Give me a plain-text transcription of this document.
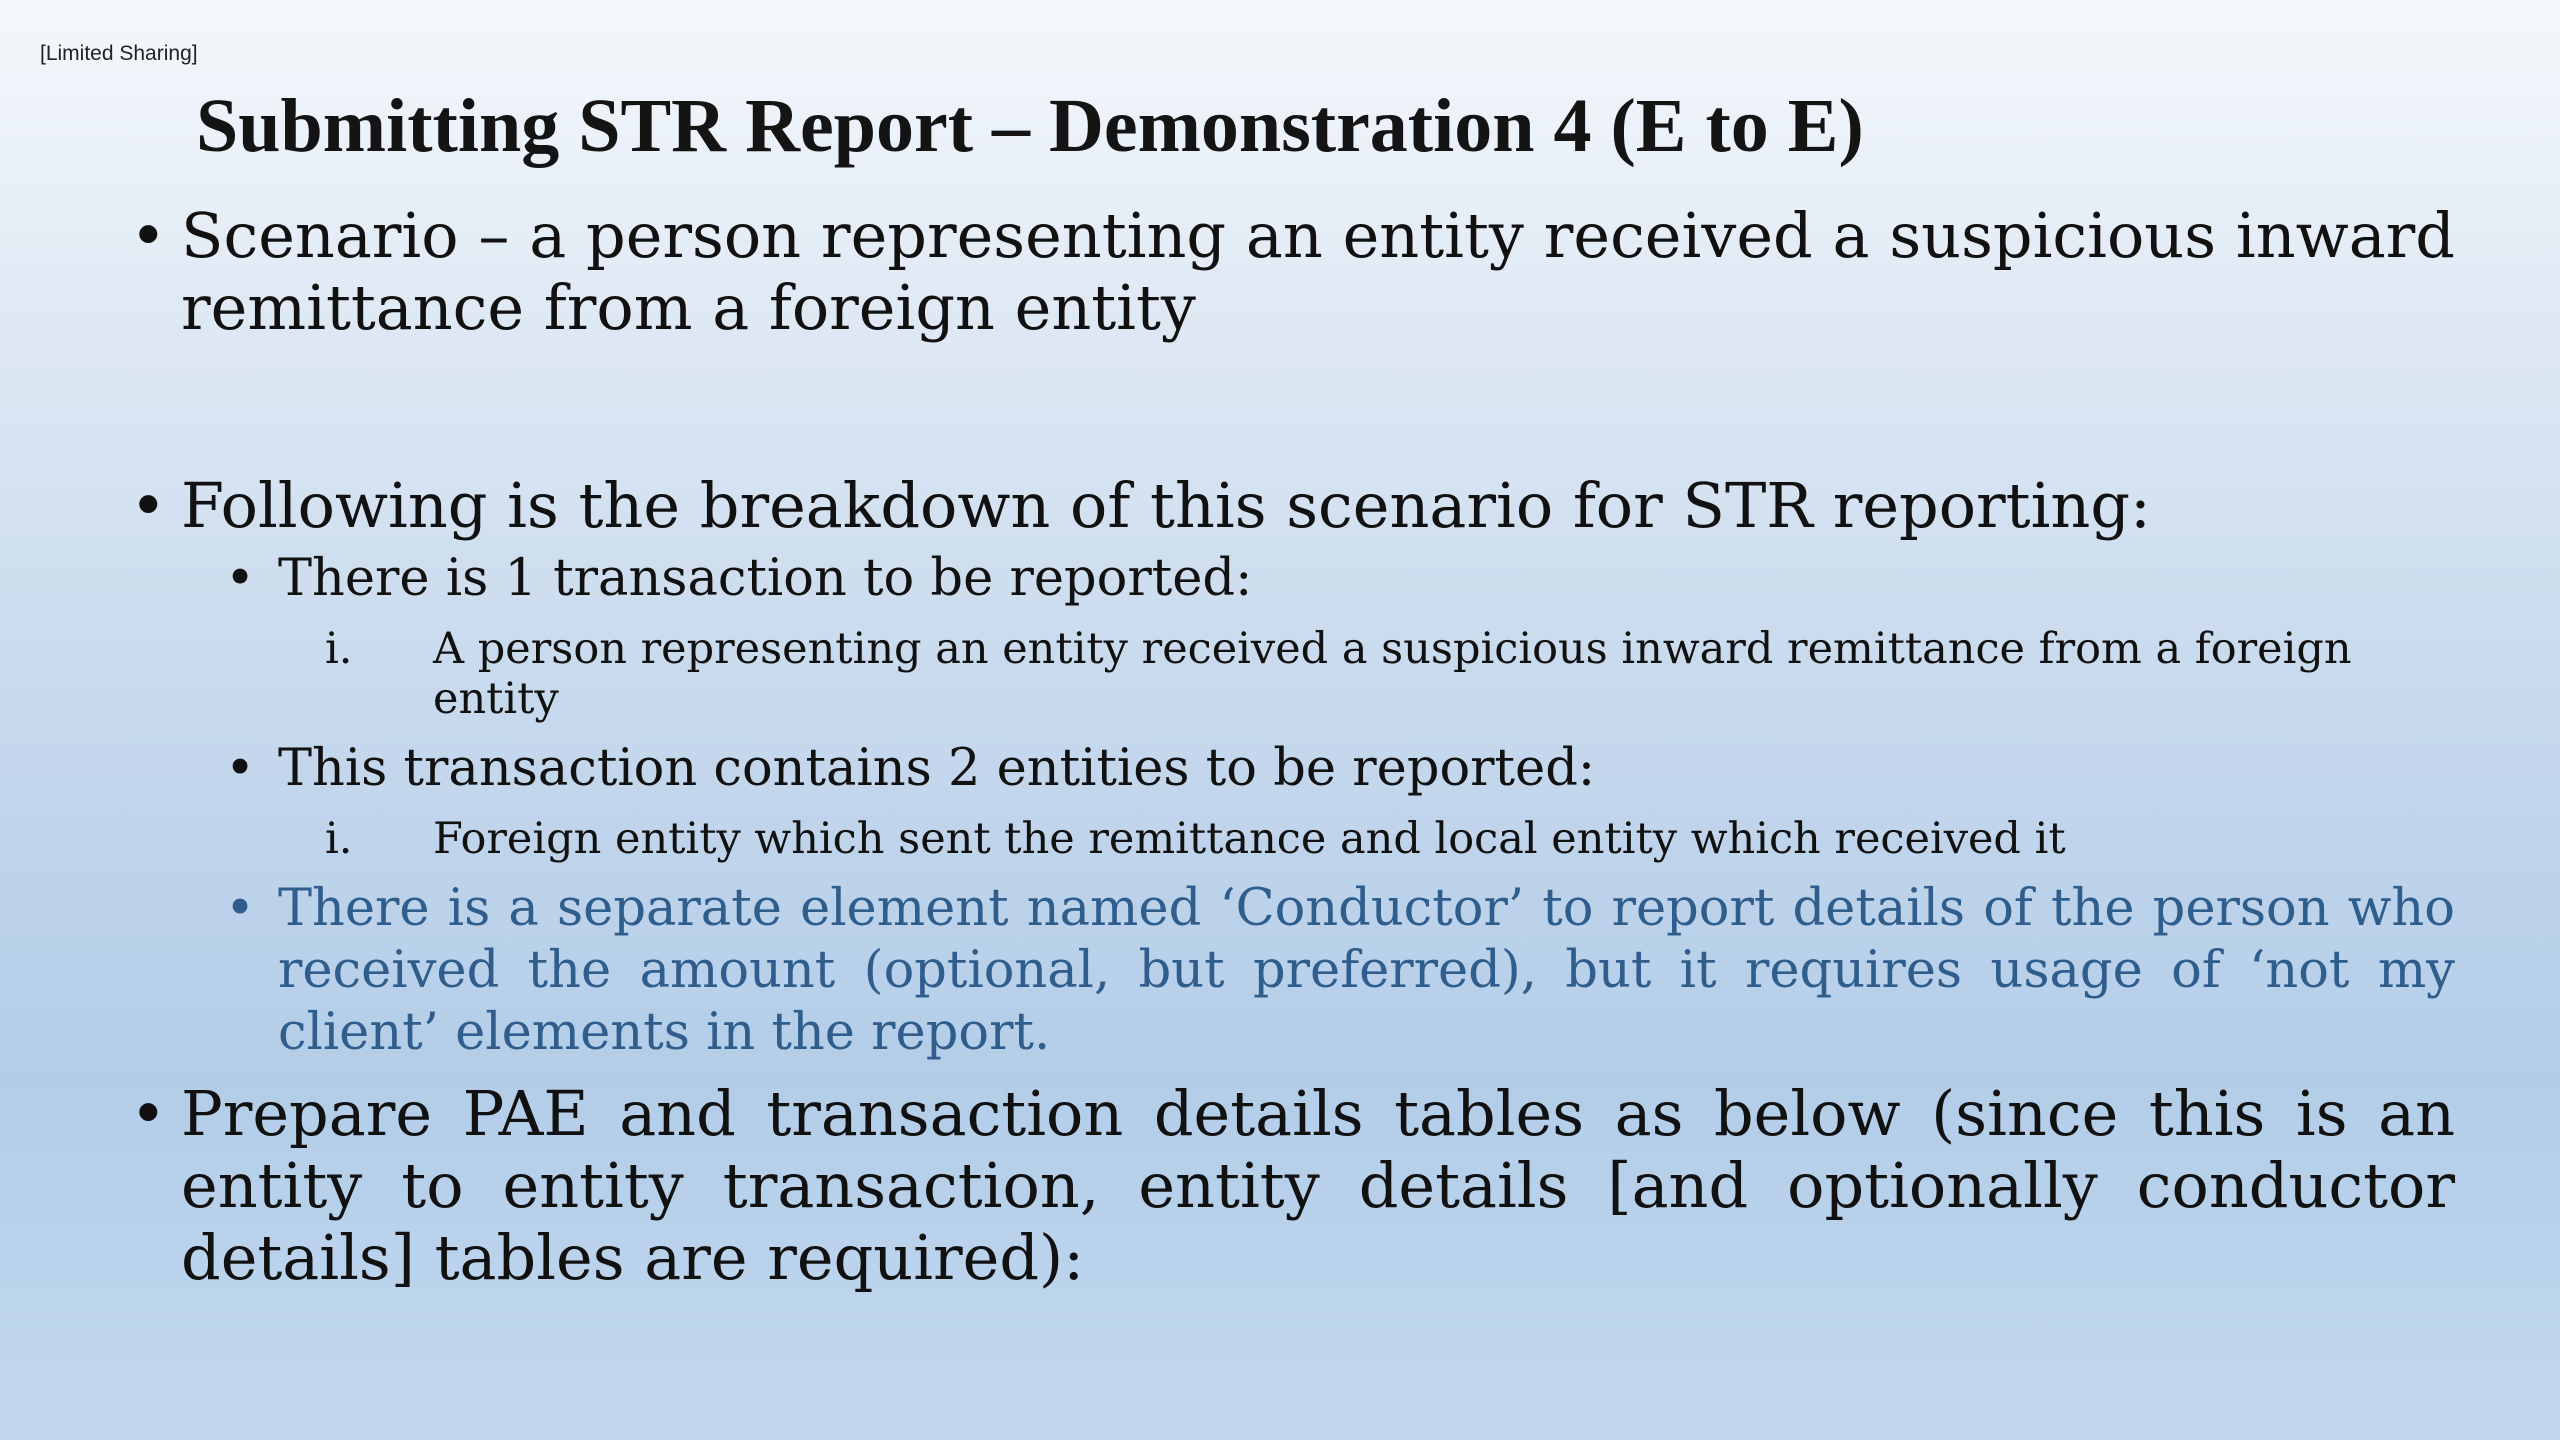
[Limited Sharing]
Submitting STR Report – Demonstration 4 (E to E)
• Scenario – a person representing an entity received a suspicious inward remittance from a foreign entity
• Following is the breakdown of this scenario for STR reporting:
• There is 1 transaction to be reported:
i. A person representing an entity received a suspicious inward remittance from a foreign entity
• This transaction contains 2 entities to be reported:
i. Foreign entity which sent the remittance and local entity which received it
• There is a separate element named ‘Conductor’ to report details of the person who received the amount (optional, but preferred), but it requires usage of ‘not my client’ elements in the report.
• Prepare PAE and transaction details tables as below (since this is an entity to entity transaction, entity details [and optionally conductor details] tables are required):
